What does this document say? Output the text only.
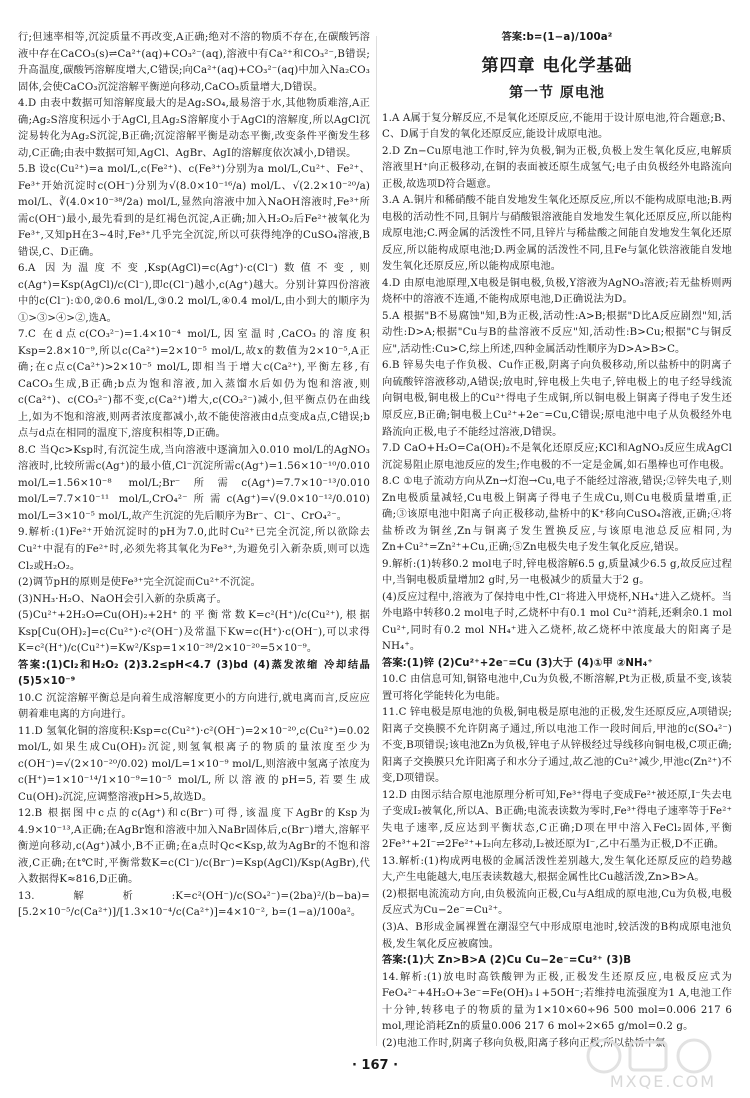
行;但速率相等,沉淀质量不再改变,A正确;绝对不溶的物质不存在,在碳酸钙溶液中存在CaCO₃(s)⇌Ca²⁺(aq)+CO₃²⁻(aq),溶液中有Ca²⁺和CO₃²⁻,B错误;升高温度,碳酸钙溶解度增大,C错误;向Ca²⁺(aq)+CO₃²⁻(aq)中加入Na₂CO₃固体,会使CaCO₃沉淀溶解平衡逆向移动,CaCO₃质量增大,D错误。

4.D 由表中数据可知溶解度最大的是Ag₂SO₄,最易溶于水,其他物质难溶,A正确;Ag₂S溶度积远小于AgCl,且Ag₂S溶解度小于AgCl的溶解度,所以AgCl沉淀易转化为Ag₂S沉淀,B正确;沉淀溶解平衡是动态平衡,改变条件平衡发生移动,C正确;由表中数据可知,AgCl、AgBr、AgI的溶解度依次减小,D错误。

5.B 设c(Cu²⁺)=a mol/L,c(Fe²⁺)、c(Fe³⁺)分别为a mol/L,Cu²⁺、Fe²⁺、Fe³⁺开始沉淀时c(OH⁻)分别为√(8.0×10⁻¹⁶/a) mol/L、√(2.2×10⁻²⁰/a) mol/L、∛(4.0×10⁻³⁸/2a) mol/L,显然向溶液中加入NaOH溶液时,Fe³⁺所需c(OH⁻)最小,最先看到的是红褐色沉淀,A正确;加入H₂O₂后Fe²⁺被氧化为Fe³⁺,又知pH在3~4时,Fe³⁺几乎完全沉淀,所以可获得纯净的CuSO₄溶液,B错误,C、D正确。

6.A 因为温度不变,Ksp(AgCl)=c(Ag⁺)·c(Cl⁻)数值不变,则c(Ag⁺)=Ksp(AgCl)/c(Cl⁻),即c(Cl⁻)越小,c(Ag⁺)越大。分别计算四份溶液中的c(Cl⁻):①0,②0.6 mol/L,③0.2 mol/L,④0.4 mol/L,由小到大的顺序为①>③>④>②,选A。

7.C 在d点c(CO₃²⁻)=1.4×10⁻⁴ mol/L,因室温时,CaCO₃的溶度积Ksp=2.8×10⁻⁹,所以c(Ca²⁺)=2×10⁻⁵ mol/L,故x的数值为2×10⁻⁵,A正确;在c点c(Ca²⁺)>2×10⁻⁵ mol/L,即相当于增大c(Ca²⁺),平衡左移,有CaCO₃生成,B正确;b点为饱和溶液,加入蒸馏水后如仍为饱和溶液,则c(Ca²⁺)、c(CO₃²⁻)都不变,c(Ca²⁺)增大,c(CO₃²⁻)减小,但平衡点仍在曲线上,如为不饱和溶液,则两者浓度都减小,故不能使溶液由d点变成a点,C错误;b点与d点在相同的温度下,溶度积相等,D正确。

8.C 当Qc>Ksp时,有沉淀生成,当向溶液中逐滴加入0.010 mol/L的AgNO₃溶液时,比较所需c(Ag⁺)的最小值,Cl⁻沉淀所需c(Ag⁺)=1.56×10⁻¹⁰/0.010 mol/L=1.56×10⁻⁸ mol/L;Br⁻所需c(Ag⁺)=7.7×10⁻¹³/0.010 mol/L=7.7×10⁻¹¹ mol/L,CrO₄²⁻所需c(Ag⁺)=√(9.0×10⁻¹²/0.010) mol/L=3×10⁻⁵ mol/L,故产生沉淀的先后顺序为Br⁻、Cl⁻、CrO₄²⁻。

9.解析:(1)Fe²⁺开始沉淀时的pH为7.0,此时Cu²⁺已完全沉淀,所以欲除去Cu²⁺中混有的Fe²⁺时,必须先将其氧化为Fe³⁺,为避免引入新杂质,则可以选Cl₂或H₂O₂。

(2)调节pH的原则是使Fe³⁺完全沉淀而Cu²⁺不沉淀。

(3)NH₃·H₂O、NaOH会引入新的杂质离子。

(5)Cu²⁺+2H₂O⇌Cu(OH)₂+2H⁺的平衡常数K=c²(H⁺)/c(Cu²⁺),根据Ksp[Cu(OH)₂]=c(Cu²⁺)·c²(OH⁻)及常温下Kw=c(H⁺)·c(OH⁻),可以求得K=c²(H⁺)/c(Cu²⁺)=Kw²/Ksp=1×10⁻²⁸/2×10⁻²⁰=5×10⁻⁹。

答案:(1)Cl₂和H₂O₂ (2)3.2≤pH<4.7 (3)bd (4)蒸发浓缩 冷却结晶 (5)5×10⁻⁹

10.C 沉淀溶解平衡总是向着生成溶解度更小的方向进行,就电离而言,反应应朝着难电离的方向进行。

11.D 氢氧化铜的溶度积:Ksp=c(Cu²⁺)·c²(OH⁻)=2×10⁻²⁰,c(Cu²⁺)=0.02 mol/L,如果生成Cu(OH)₂沉淀,则氢氧根离子的物质的量浓度至少为c(OH⁻)=√(2×10⁻²⁰/0.02) mol/L=1×10⁻⁹ mol/L,则溶液中氢离子浓度为c(H⁺)=1×10⁻¹⁴/1×10⁻⁹=10⁻⁵ mol/L,所以溶液的pH=5,若要生成Cu(OH)₂沉淀,应调整溶液pH>5,故选D。

12.B 根据图中c点的c(Ag⁺)和c(Br⁻)可得,该温度下AgBr的Ksp为4.9×10⁻¹³,A正确;在AgBr饱和溶液中加入NaBr固体后,c(Br⁻)增大,溶解平衡逆向移动,c(Ag⁺)减小,B不正确;在a点时Qc<Ksp,故为AgBr的不饱和溶液,C正确;在t℃时,平衡常数K=c(Cl⁻)/c(Br⁻)=Ksp(AgCl)/Ksp(AgBr),代入数据得K≈816,D正确。

13.解析:K=c²(OH⁻)/c(SO₄²⁻)=(2ba)²/(b−ba)=[5.2×10⁻⁵/c(Ca²⁺)]/[1.3×10⁻⁴/c(Ca²⁺)]=4×10⁻², b=(1−a)/100a²。

答案:b=(1−a)/100a²

第四章 电化学基础
第一节 原电池

1.A A属于复分解反应,不是氧化还原反应,不能用于设计原电池,符合题意;B、C、D属于自发的氧化还原反应,能设计成原电池。

2.D Zn−Cu原电池工作时,锌为负极,铜为正极,负极上发生氧化反应,电解质溶液里H⁺向正极移动,在铜的表面被还原生成氢气;电子由负极经外电路流向正极,故选项D符合题意。

3.A A.铜片和稀硝酸不能自发地发生氧化还原反应,所以不能构成原电池;B.两电极的活动性不同,且铜片与硝酸银溶液能自发地发生氧化还原反应,所以能构成原电池;C.两金属的活泼性不同,且锌片与稀盐酸之间能自发地发生氧化还原反应,所以能构成原电池;D.两金属的活泼性不同,且Fe与氯化铁溶液能自发地发生氧化还原反应,所以能构成原电池。

4.D 由原电池原理,X电极是铜电极,负极,Y溶液为AgNO₃溶液;若无盐桥则两烧杯中的溶液不连通,不能构成原电池,D正确说法为D。

5.A 根据"B不易腐蚀"知,B为正极,活动性:A>B;根据"D比A反应剧烈"知,活动性:D>A;根据"Cu与B的盐溶液不反应"知,活动性:B>Cu;根据"C与铜反应",活动性:Cu>C,综上所述,四种金属活动性顺序为D>A>B>C。

6.B 锌易失电子作负极、Cu作正极,阴离子向负极移动,所以盐桥中的阴离子向硫酸锌溶液移动,A错误;放电时,锌电极上失电子,锌电极上的电子经导线流向铜电极,铜电极上的Cu²⁺得电子生成铜,所以铜电极上铜离子得电子发生还原反应,B正确;铜电极上Cu²⁺+2e⁻=Cu,C错误;原电池中电子从负极经外电路流向正极,电子不能经过溶液,D错误。

7.D CaO+H₂O=Ca(OH)₂不是氧化还原反应;KCl和AgNO₃反应生成AgCl沉淀易阻止原电池反应的发生;作电极的不一定是金属,如石墨棒也可作电极。

8.C ①电子流动方向从Zn→灯泡→Cu,电子不能经过溶液,错误;②锌失电子,则Zn电极质量减轻,Cu电极上铜离子得电子生成Cu,则Cu电极质量增重,正确;③该原电池中阳离子向正极移动,盐桥中的K⁺移向CuSO₄溶液,正确;④将盐桥改为铜丝,Zn与铜离子发生置换反应,与该原电池总反应相同,为Zn+Cu²⁺=Zn²⁺+Cu,正确;⑤Zn电极失电子发生氧化反应,错误。

9.解析:(1)转移0.2 mol电子时,锌电极溶解6.5 g,质量减少6.5 g,故反应过程中,当铜电极质量增加2 g时,另一电极减少的质量大于2 g。

(4)反应过程中,溶液为了保持电中性,Cl⁻将进入甲烧杯,NH₄⁺进入乙烧杯。当外电路中转移0.2 mol电子时,乙烧杯中有0.1 mol Cu²⁺消耗,还剩余0.1 mol Cu²⁺,同时有0.2 mol NH₄⁺进入乙烧杯,故乙烧杯中浓度最大的阳离子是NH₄⁺。

答案:(1)锌 (2)Cu²⁺+2e⁻=Cu (3)大于 (4)①甲 ②NH₄⁺

10.C 由信息可知,铜铬电池中,Cu为负极,不断溶解,Pt为正极,质量不变,该装置可将化学能转化为电能。

11.C 锌电极是原电池的负极,铜电极是原电池的正极,发生还原反应,A项错误;阳离子交换膜不允许阴离子通过,所以电池工作一段时间后,甲池的c(SO₄²⁻)不变,B项错误;该电池Zn为负极,锌电子从锌极经过导线移向铜电极,C项正确;阳离子交换膜只允许阳离子和水分子通过,故乙池的Cu²⁺减少,甲池c(Zn²⁺)不变,D项错误。

12.D 由图示结合原电池原理分析可知,Fe³⁺得电子变成Fe²⁺被还原,I⁻失去电子变成I₂被氧化,所以A、B正确;电流表读数为零时,Fe³⁺得电子速率等于Fe²⁺失电子速率,反应达到平衡状态,C正确;D项在甲中溶入FeCl₂固体,平衡2Fe³⁺+2I⁻⇌2Fe²⁺+I₂向左移动,I₂被还原为I⁻,乙中石墨为正极,D不正确。

13.解析:(1)构成两电极的金属活泼性差别越大,发生氧化还原反应的趋势越大,产生电能越大,电压表读数越大,根据金属性比Cu越活泼,Zn>B>A。

(2)根据电流流动方向,由负极流向正极,Cu与A组成的原电池,Cu为负极,电极反应式为Cu−2e⁻=Cu²⁺。

(3)A、B形成金属裸置在潮湿空气中形成原电池时,较活泼的B构成原电池负极,发生氧化反应被腐蚀。

答案:(1)大 Zn>B>A (2)Cu Cu−2e⁻=Cu²⁺ (3)B

14.解析:(1)放电时高铁酸钾为正极,正极发生还原反应,电极反应式为FeO₄²⁻+4H₂O+3e⁻=Fe(OH)₃↓+5OH⁻;若维持电流强度为1 A,电池工作十分钟,转移电子的物质的量为1×10×60÷96 500 mol=0.006 217 6 mol,理论消耗Zn的质量0.006 217 6 mol÷2×65 g/mol=0.2 g。

(2)电池工作时,阴离子移向负极,阳离子移向正极,所以盐桥中氯

· 167 ·
MXQE.COM
